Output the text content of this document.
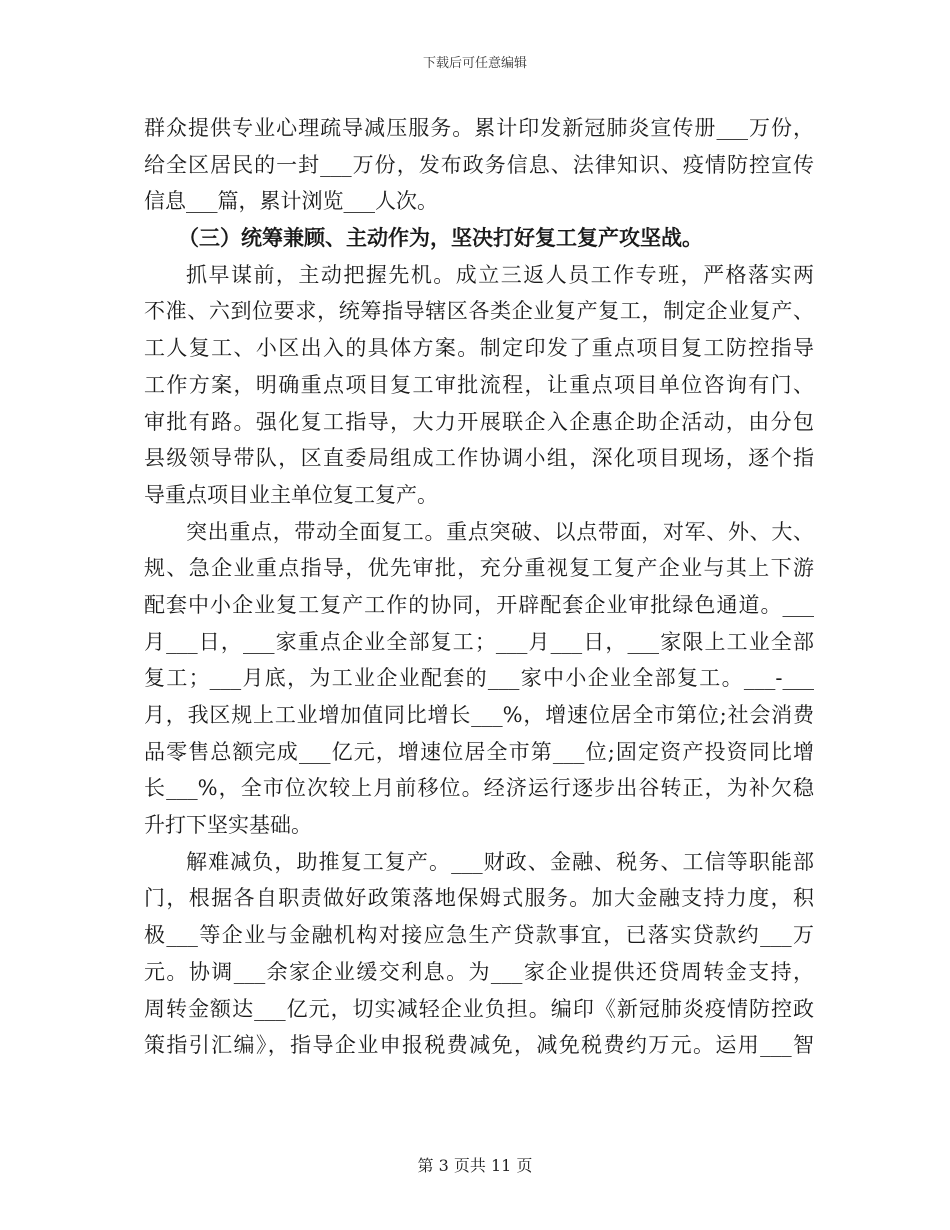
下载后可任意编辑
群众提供专业心理疏导减压服务。累计印发新冠肺炎宣传册___万份，
给全区居民的一封___万份，发布政务信息、法律知识、疫情防控宣传
信息___篇，累计浏览___人次。
（三）统筹兼顾、主动作为，坚决打好复工复产攻坚战。
抓早谋前，主动把握先机。成立三返人员工作专班，严格落实两
不准、六到位要求，统筹指导辖区各类企业复产复工，制定企业复产、
工人复工、小区出入的具体方案。制定印发了重点项目复工防控指导
工作方案，明确重点项目复工审批流程，让重点项目单位咨询有门、
审批有路。强化复工指导，大力开展联企入企惠企助企活动，由分包
县级领导带队，区直委局组成工作协调小组，深化项目现场，逐个指
导重点项目业主单位复工复产。
突出重点，带动全面复工。重点突破、以点带面，对军、外、大、
规、急企业重点指导，优先审批，充分重视复工复产企业与其上下游
配套中小企业复工复产工作的协同，开辟配套企业审批绿色通道。___
月___日，___家重点企业全部复工；___月___日，___家限上工业全部
复工；___月底，为工业企业配套的___家中小企业全部复工。___-___
月，我区规上工业增加值同比增长___%，增速位居全市第位;社会消费
品零售总额完成___亿元，增速位居全市第___位;固定资产投资同比增
长___%，全市位次较上月前移位。经济运行逐步出谷转正，为补欠稳
升打下坚实基础。
解难减负，助推复工复产。___财政、金融、税务、工信等职能部
门，根据各自职责做好政策落地保姆式服务。加大金融支持力度，积
极___等企业与金融机构对接应急生产贷款事宜，已落实贷款约___万
元。协调___余家企业缓交利息。为___家企业提供还贷周转金支持，
周转金额达___亿元，切实减轻企业负担。编印《新冠肺炎疫情防控政
策指引汇编》，指导企业申报税费减免，减免税费约万元。运用___智
第 3 页共 11 页
